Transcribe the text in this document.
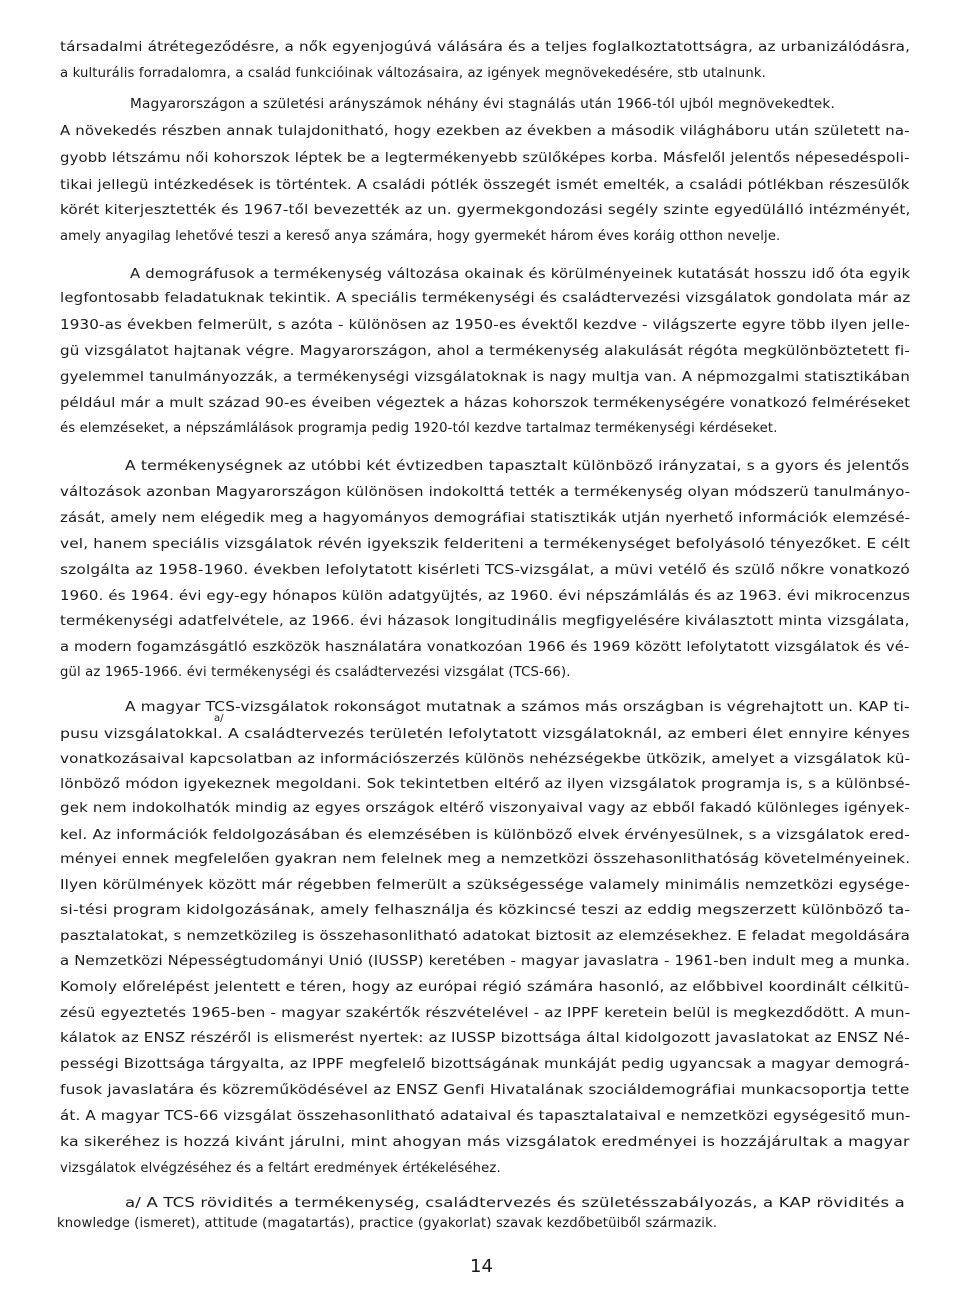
társadalmi átrétegeződésre, a nők egyenjogúvá válására és a teljes foglalkoztatottságra, az urbanizálódásra,
a kulturális forradalomra, a család funkcióinak változásaira, az igények megnövekedésére, stb utalnunk.
Magyarországon a születési arányszámok néhány évi stagnálás után 1966-tól ujból megnövekedtek.
A növekedés részben annak tulajdonitható, hogy ezekben az években a második világháboru után született na-
gyobb létszámu női kohorszok léptek be a legtermékenyebb szülőképes korba. Másfelől jelentős népesedéspoli-
tikai jellegü intézkedések is történtek. A családi pótlék összegét ismét emelték, a családi pótlékban részesülők
körét kiterjesztették és 1967-től bevezették az un. gyermekgondozási segély szinte egyedülálló intézményét,
amely anyagilag lehetővé teszi a kereső anya számára, hogy gyermekét három éves koráig otthon nevelje.
A demográfusok a termékenység változása okainak és körülményeinek kutatását hosszu idő óta egyik
legfontosabb feladatuknak tekintik. A speciális termékenységi és családtervezési vizsgálatok gondolata már az
1930-as években felmerült, s azóta - különösen az 1950-es évektől kezdve - világszerte egyre több ilyen jelle-
gü vizsgálatot hajtanak végre. Magyarországon, ahol a termékenység alakulását régóta megkülönböztetett fi-
gyelemmel tanulmányozzák, a termékenységi vizsgálatoknak is nagy multja van. A népmozgalmi statisztikában
például már a mult század 90-es éveiben végeztek a házas kohorszok termékenységére vonatkozó felméréseket
és elemzéseket, a népszámlálások programja pedig 1920-tól kezdve tartalmaz termékenységi kérdéseket.
A termékenységnek az utóbbi két évtizedben tapasztalt különböző irányzatai, s a gyors és jelentős
változások azonban Magyarországon különösen indokolttá tették a termékenység olyan módszerü tanulmányo-
zását, amely nem elégedik meg a hagyományos demográfiai statisztikák utján nyerhető információk elemzésé-
vel, hanem speciális vizsgálatok révén igyekszik felderiteni a termékenységet befolyásoló tényezőket. E célt
szolgálta az 1958-1960. években lefolytatott kisérleti TCS-vizsgálat, a müvi vetélő és szülő nőkre vonatkozó
1960. és 1964. évi egy-egy hónapos külön adatgyüjtés, az 1960. évi népszámlálás és az 1963. évi mikrocenzus
termékenységi adatfelvétele, az 1966. évi házasok longitudinális megfigyelésére kiválasztott minta vizsgálata,
a modern fogamzásgátló eszközök használatára vonatkozóan 1966 és 1969 között lefolytatott vizsgálatok és vé-
gül az 1965-1966. évi termékenységi és családtervezési vizsgálat (TCS-66).
A magyar TCS-vizsgálatok rokonságot mutatnak a számos más országban is végrehajtott un. KAP ti-
pusu vizsgálatokkal. A családtervezés területén lefolytatott vizsgálatoknál, az emberi élet ennyire kényes
vonatkozásaival kapcsolatban az információszerzés különös nehézségekbe ütközik, amelyet a vizsgálatok kü-
lönböző módon igyekeznek megoldani. Sok tekintetben eltérő az ilyen vizsgálatok programja is, s a különbsé-
gek nem indokolhatók mindig az egyes országok eltérő viszonyaival vagy az ebből fakadó különleges igények-
kel. Az információk feldolgozásában és elemzésében is különböző elvek érvényesülnek, s a vizsgálatok ered-
ményei ennek megfelelően gyakran nem felelnek meg a nemzetközi összehasonlithatóság követelményeinek.
Ilyen körülmények között már régebben felmerült a szükségessége valamely minimális nemzetközi egysége-
si-tési program kidolgozásának, amely felhasználja és közkincsé teszi az eddig megszerzett különböző ta-
pasztalatokat, s nemzetközileg is összehasonlitható adatokat biztosit az elemzésekhez. E feladat megoldására
a Nemzetközi Népességtudományi Unió (IUSSP) keretében - magyar javaslatra - 1961-ben indult meg a munka.
Komoly előrelépést jelentett e téren, hogy az európai régió számára hasonló, az előbbivel koordinált célkitü-
zésü egyeztetés 1965-ben - magyar szakértők részvételével - az IPPF keretein belül is megkezdődött. A mun-
kálatok az ENSZ részéről is elismerést nyertek: az IUSSP bizottsága által kidolgozott javaslatokat az ENSZ Né-
pességi Bizottsága tárgyalta, az IPPF megfelelő bizottságának munkáját pedig ugyancsak a magyar demográ-
fusok javaslatára és közreműködésével az ENSZ Genfi Hivatalának szociáldemográfiai munkacsoportja tette
át. A magyar TCS-66 vizsgálat összehasonlitható adataival és tapasztalataival e nemzetközi egységesitő mun-
ka sikeréhez is hozzá kivánt járulni, mint ahogyan más vizsgálatok eredményei is hozzájárultak a magyar
vizsgálatok elvégzéséhez és a feltárt eredmények értékeléséhez.
a/
a/ A TCS rövidités a termékenység, családtervezés és születésszabályozás, a KAP rövidités a
knowledge (ismeret), attitude (magatartás), practice (gyakorlat) szavak kezdőbetüiből származik.
14
